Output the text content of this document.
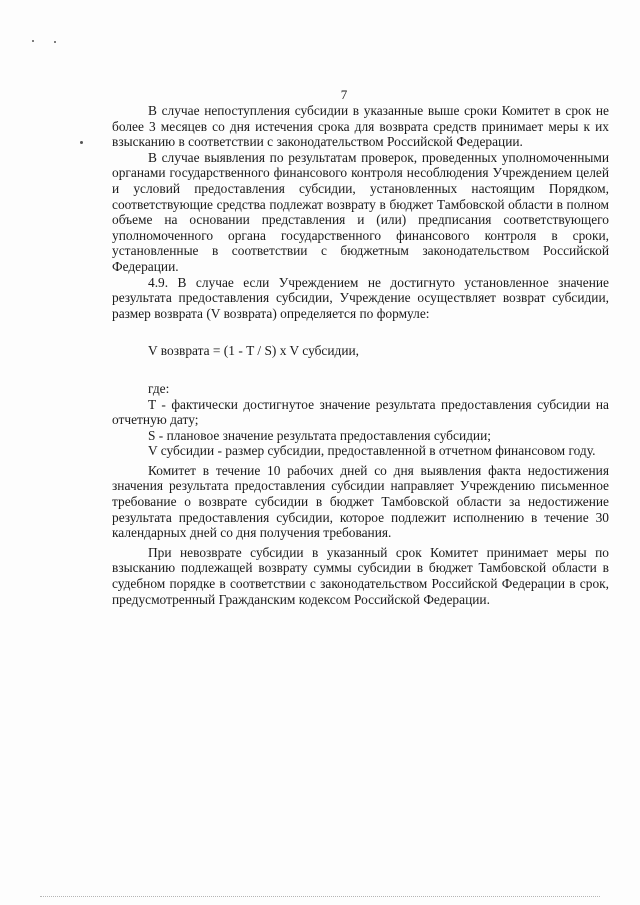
7

В случае непоступления субсидии в указанные выше сроки Комитет в срок не более 3 месяцев со дня истечения срока для возврата средств принимает меры к их взысканию в соответствии с законодательством Российской Федерации.

В случае выявления по результатам проверок, проведенных уполномоченными органами государственного финансового контроля несоблюдения Учреждением целей и условий предоставления субсидии, установленных настоящим Порядком, соответствующие средства подлежат возврату в бюджет Тамбовской области в полном объеме на основании представления и (или) предписания соответствующего уполномоченного органа государственного финансового контроля в сроки, установленные в соответствии с бюджетным законодательством Российской Федерации.

4.9. В случае если Учреждением не достигнуто установленное значение результата предоставления субсидии, Учреждение осуществляет возврат субсидии, размер возврата (V возврата) определяется по формуле:

V возврата = (1 - T / S) x V субсидии,

где:

T - фактически достигнутое значение результата предоставления субсидии на отчетную дату;

S - плановое значение результата предоставления субсидии;

V субсидии - размер субсидии, предоставленной в отчетном финансовом году.

Комитет в течение 10 рабочих дней со дня выявления факта недостижения значения результата предоставления субсидии направляет Учреждению письменное требование о возврате субсидии в бюджет Тамбовской области за недостижение результата предоставления субсидии, которое подлежит исполнению в течение 30 календарных дней со дня получения требования.

При невозврате субсидии в указанный срок Комитет принимает меры по взысканию подлежащей возврату суммы субсидии в бюджет Тамбовской области в судебном порядке в соответствии с законодательством Российской Федерации в срок, предусмотренный Гражданским кодексом Российской Федерации.
